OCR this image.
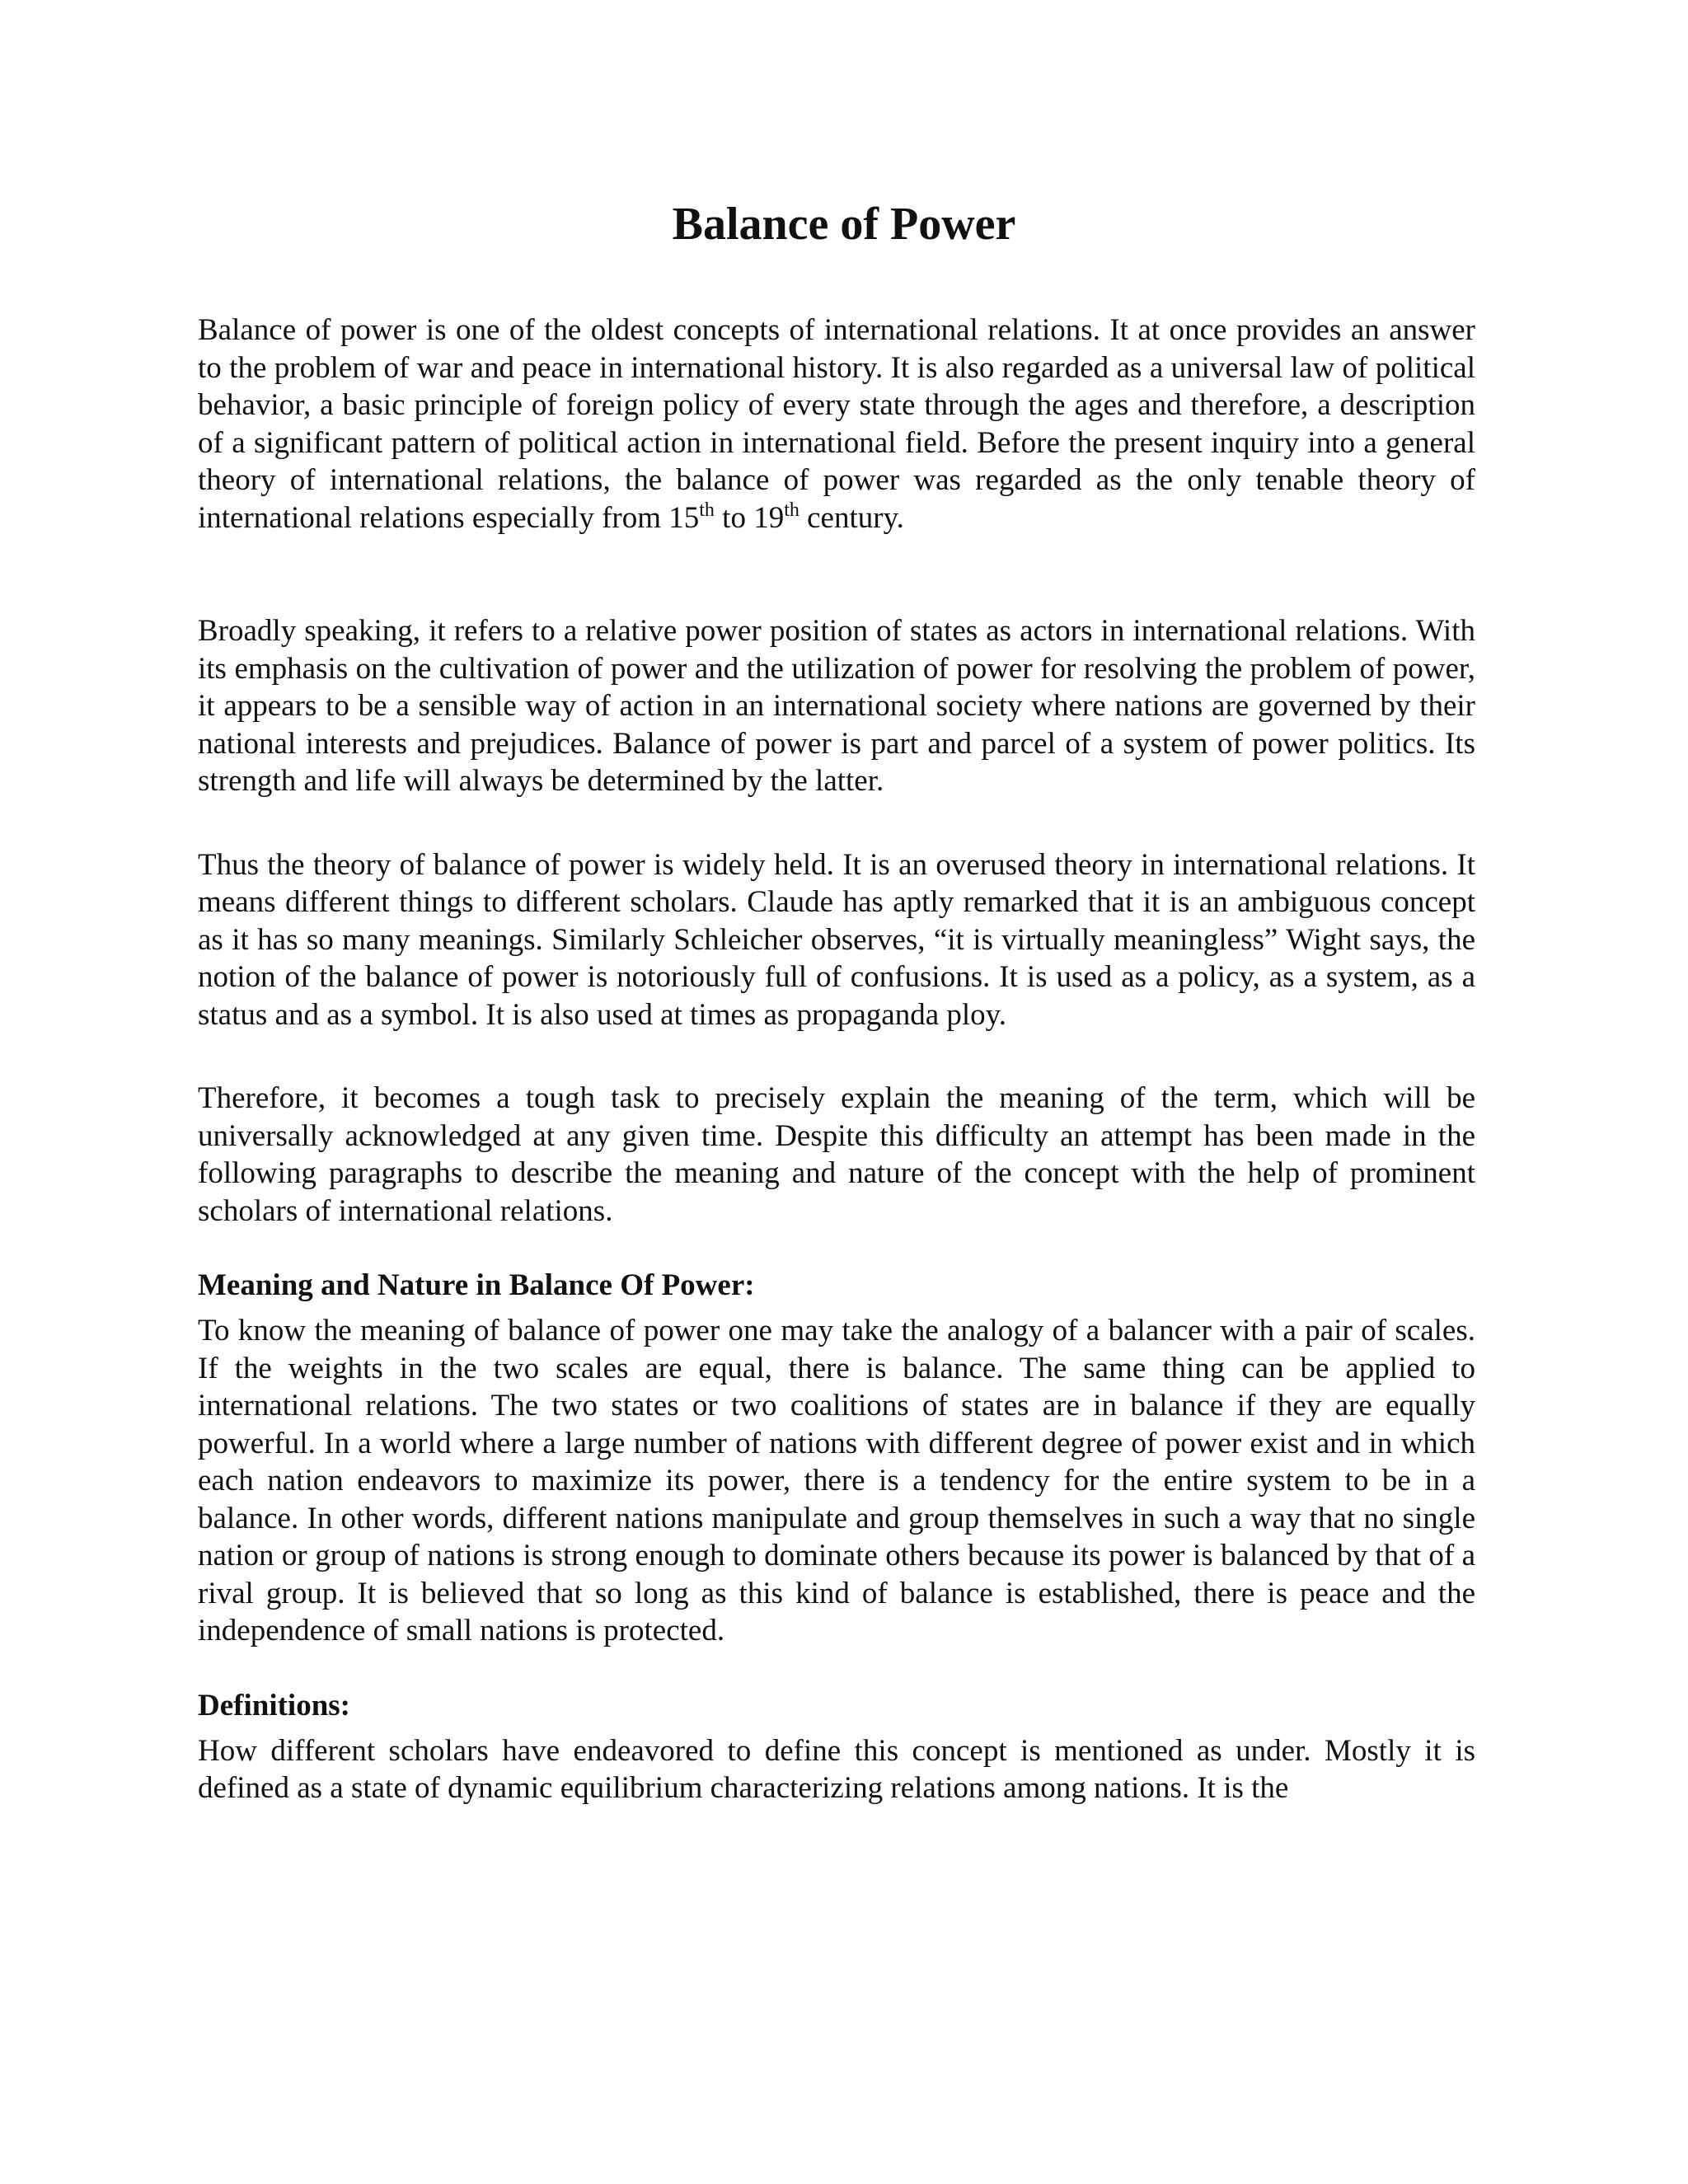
Balance of Power

Balance of power is one of the oldest concepts of international relations. It at once provides an answer to the problem of war and peace in international history. It is also regarded as a universal law of political behavior, a basic principle of foreign policy of every state through the ages and therefore, a description of a significant pattern of political action in international field. Before the present inquiry into a general theory of international relations, the balance of power was regarded as the only tenable theory of international relations especially from 15th to 19th century.

Broadly speaking, it refers to a relative power position of states as actors in international relations. With its emphasis on the cultivation of power and the utilization of power for resolving the problem of power, it appears to be a sensible way of action in an international society where nations are governed by their national interests and prejudices. Balance of power is part and parcel of a system of power politics. Its strength and life will always be determined by the latter.

Thus the theory of balance of power is widely held. It is an overused theory in international relations. It means different things to different scholars. Claude has aptly remarked that it is an ambiguous concept as it has so many meanings. Similarly Schleicher observes, “it is virtually meaningless” Wight says, the notion of the balance of power is notoriously full of confusions. It is used as a policy, as a system, as a status and as a symbol. It is also used at times as propaganda ploy.

Therefore, it becomes a tough task to precisely explain the meaning of the term, which will be universally acknowledged at any given time. Despite this difficulty an attempt has been made in the following paragraphs to describe the meaning and nature of the concept with the help of prominent scholars of international relations.

Meaning and Nature in Balance Of Power:

To know the meaning of balance of power one may take the analogy of a balancer with a pair of scales. If the weights in the two scales are equal, there is balance. The same thing can be applied to international relations. The two states or two coalitions of states are in balance if they are equally powerful. In a world where a large number of nations with different degree of power exist and in which each nation endeavors to maximize its power, there is a tendency for the entire system to be in a balance. In other words, different nations manipulate and group themselves in such a way that no single nation or group of nations is strong enough to dominate others because its power is balanced by that of a rival group. It is believed that so long as this kind of balance is established, there is peace and the independence of small nations is protected.

Definitions:

How different scholars have endeavored to define this concept is mentioned as under. Mostly it is defined as a state of dynamic equilibrium characterizing relations among nations. It is the
